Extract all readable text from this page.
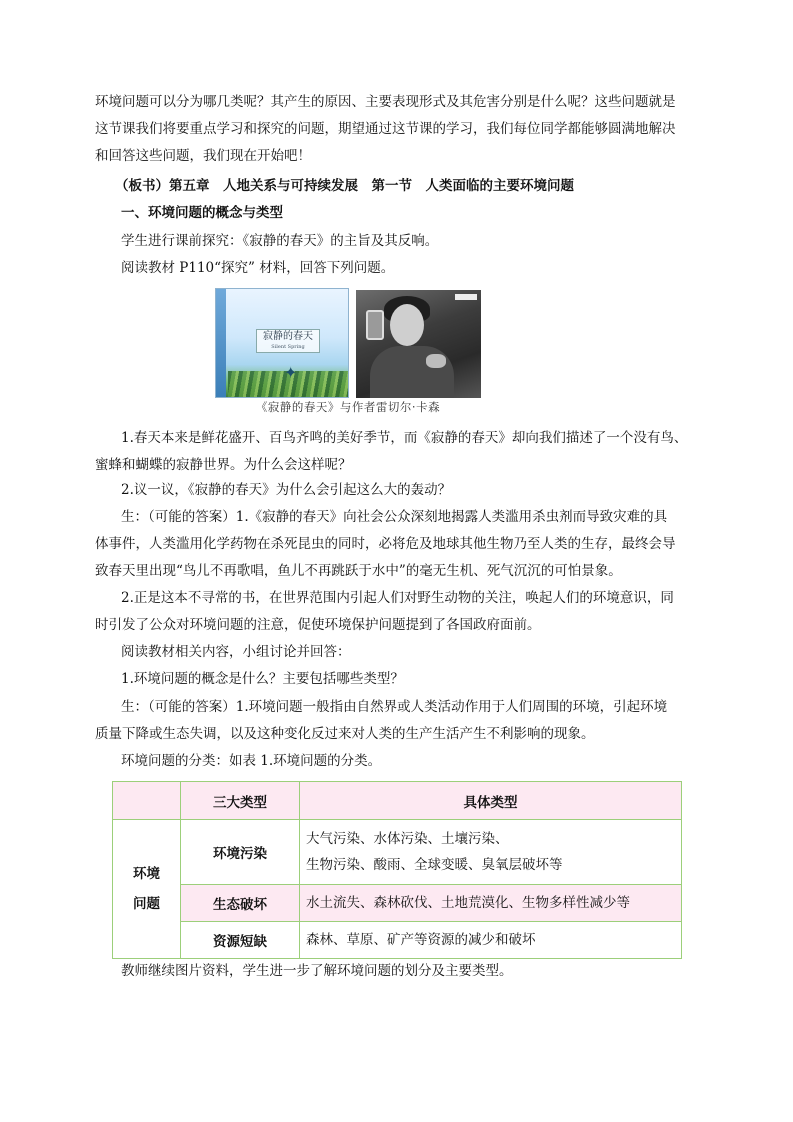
环境问题可以分为哪几类呢？其产生的原因、主要表现形式及其危害分别是什么呢？这些问题就是

这节课我们将要重点学习和探究的问题，期望通过这节课的学习，我们每位同学都能够圆满地解决

和回答这些问题，我们现在开始吧！

（板书）第五章　人地关系与可持续发展　第一节　人类面临的主要环境问题

一、环境问题的概念与类型

学生进行课前探究：《寂静的春天》的主旨及其反响。

阅读教材 P110“探究” 材料，回答下列问题。

寂静的春天
Silent Spring
✦
《寂静的春天》与作者雷切尔·卡森

1.春天本来是鲜花盛开、百鸟齐鸣的美好季节，而《寂静的春天》却向我们描述了一个没有鸟、

蜜蜂和蝴蝶的寂静世界。为什么会这样呢？

2.议一议，《寂静的春天》为什么会引起这么大的轰动？

生：（可能的答案）1.《寂静的春天》向社会公众深刻地揭露人类滥用杀虫剂而导致灾难的具

体事件，人类滥用化学药物在杀死昆虫的同时，必将危及地球其他生物乃至人类的生存，最终会导

致春天里出现“鸟儿不再歌唱，鱼儿不再跳跃于水中”的毫无生机、死气沉沉的可怕景象。

2.正是这本不寻常的书，在世界范围内引起人们对野生动物的关注，唤起人们的环境意识，同

时引发了公众对环境问题的注意，促使环境保护问题提到了各国政府面前。

阅读教材相关内容，小组讨论并回答：

1.环境问题的概念是什么？主要包括哪些类型？

生：（可能的答案）1.环境问题一般指由自然界或人类活动作用于人们周围的环境，引起环境

质量下降或生态失调，以及这种变化反过来对人类的生产生活产生不利影响的现象。

环境问题的分类：如表 1.环境问题的分类。

	三大类型	具体类型
环境
问题	环境污染	大气污染、水体污染、土壤污染、
生物污染、酸雨、全球变暖、臭氧层破坏等
	生态破坏	水土流失、森林砍伐、土地荒漠化、生物多样性减少等
	资源短缺	森林、草原、矿产等资源的减少和破坏

教师继续图片资料，学生进一步了解环境问题的划分及主要类型。
